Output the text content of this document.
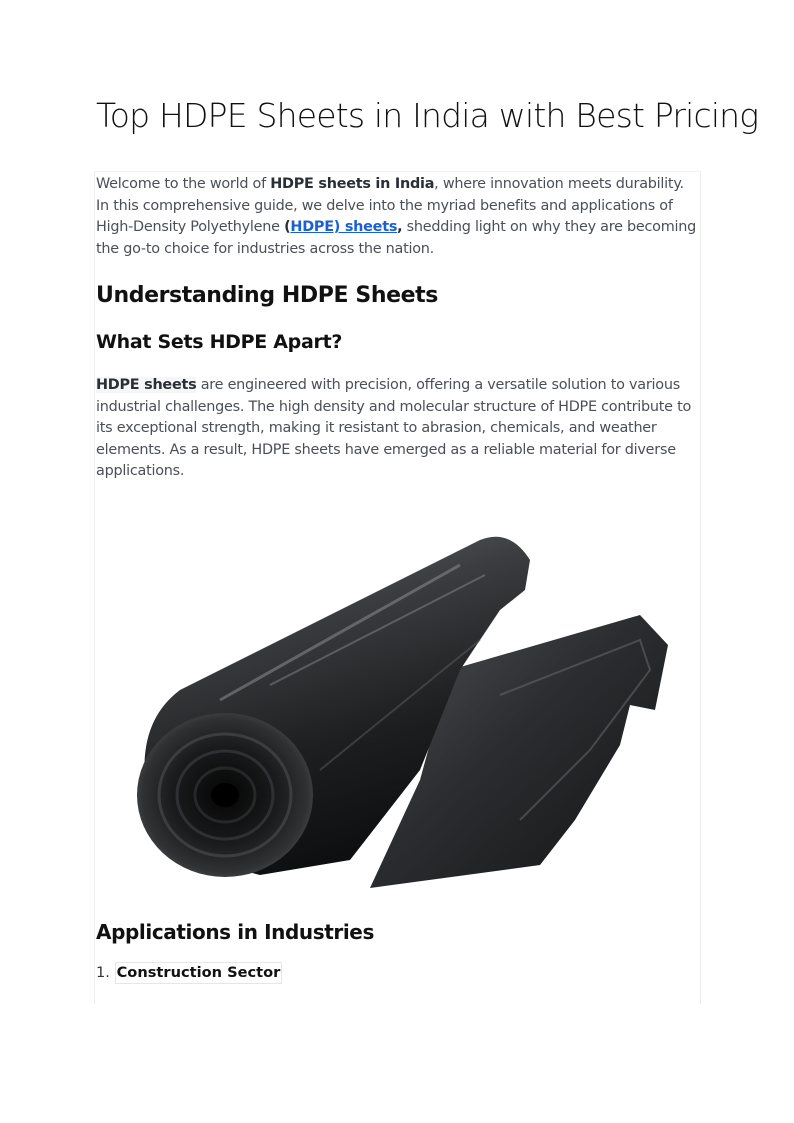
Top HDPE Sheets in India with Best Pricing

Welcome to the world of HDPE sheets in India, where innovation meets durability. In this comprehensive guide, we delve into the myriad benefits and applications of High-Density Polyethylene (HDPE) sheets, shedding light on why they are becoming the go-to choice for industries across the nation.

Understanding HDPE Sheets
What Sets HDPE Apart?

HDPE sheets are engineered with precision, offering a versatile solution to various industrial challenges. The high density and molecular structure of HDPE contribute to its exceptional strength, making it resistant to abrasion, chemicals, and weather elements. As a result, HDPE sheets have emerged as a reliable material for diverse applications.

Applications in Industries

1. Construction Sector
